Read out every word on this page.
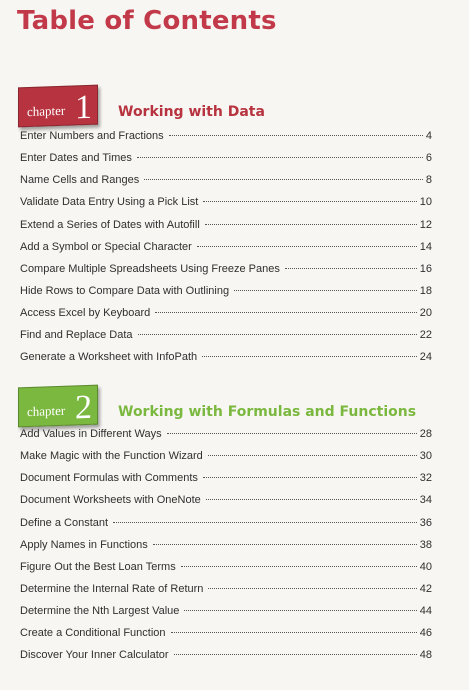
Table of Contents
chapter 1 Working with Data
Enter Numbers and Fractions	4
Enter Dates and Times	6
Name Cells and Ranges	8
Validate Data Entry Using a Pick List	10
Extend a Series of Dates with Autofill	12
Add a Symbol or Special Character	14
Compare Multiple Spreadsheets Using Freeze Panes	16
Hide Rows to Compare Data with Outlining	18
Access Excel by Keyboard	20
Find and Replace Data	22
Generate a Worksheet with InfoPath	24
chapter 2 Working with Formulas and Functions
Add Values in Different Ways	28
Make Magic with the Function Wizard	30
Document Formulas with Comments	32
Document Worksheets with OneNote	34
Define a Constant	36
Apply Names in Functions	38
Figure Out the Best Loan Terms	40
Determine the Internal Rate of Return	42
Determine the Nth Largest Value	44
Create a Conditional Function	46
Discover Your Inner Calculator	48
